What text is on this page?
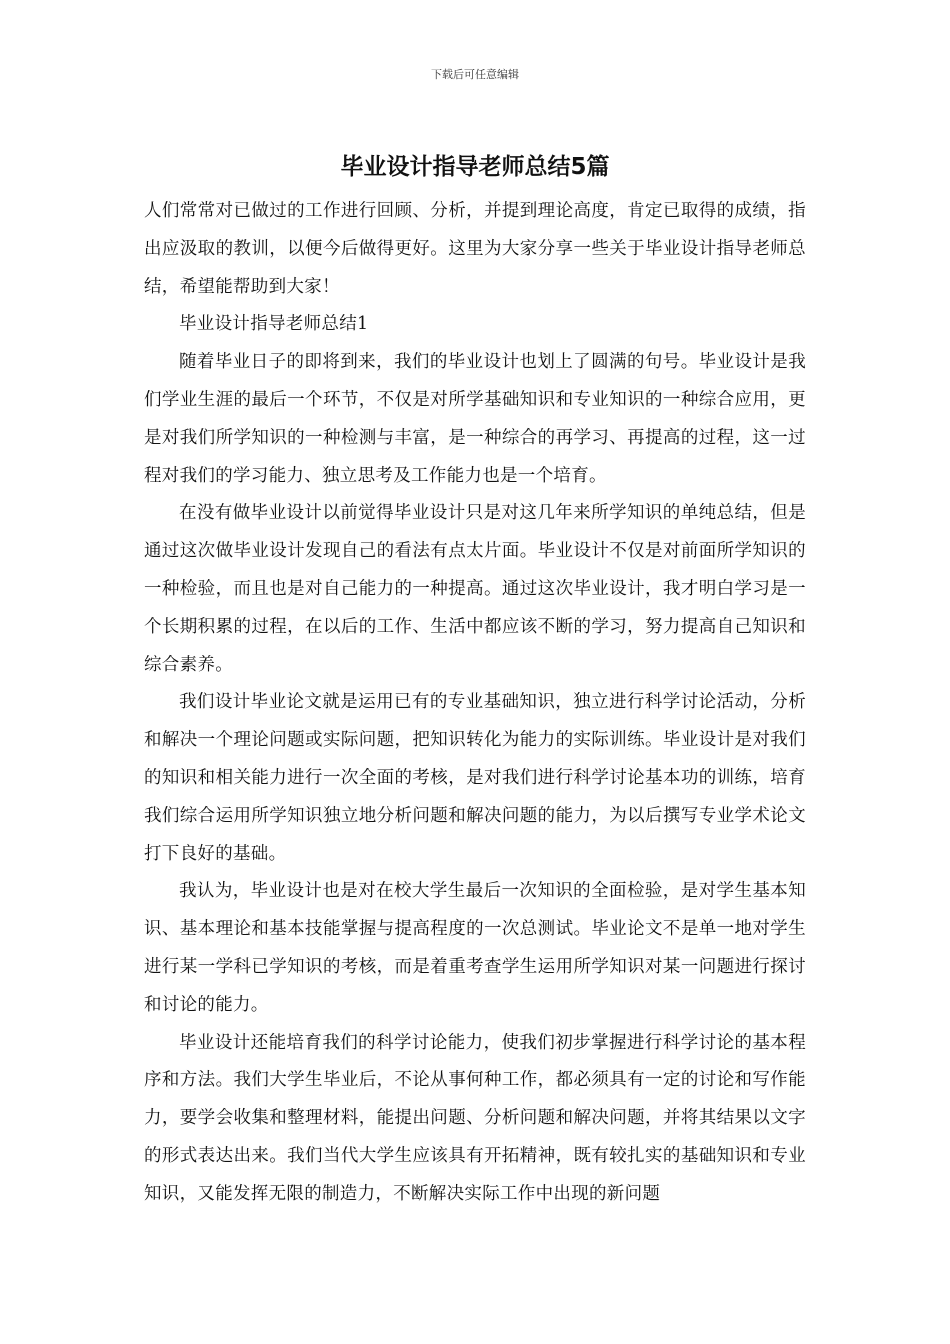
下载后可任意编辑
毕业设计指导老师总结5篇

人们常常对已做过的工作进行回顾、分析，并提到理论高度，肯定已取得的成绩，指出应汲取的教训，以便今后做得更好。这里为大家分享一些关于毕业设计指导老师总结，希望能帮助到大家！

毕业设计指导老师总结1

随着毕业日子的即将到来，我们的毕业设计也划上了圆满的句号。毕业设计是我们学业生涯的最后一个环节，不仅是对所学基础知识和专业知识的一种综合应用，更是对我们所学知识的一种检测与丰富，是一种综合的再学习、再提高的过程，这一过程对我们的学习能力、独立思考及工作能力也是一个培育。

在没有做毕业设计以前觉得毕业设计只是对这几年来所学知识的单纯总结，但是通过这次做毕业设计发现自己的看法有点太片面。毕业设计不仅是对前面所学知识的一种检验，而且也是对自己能力的一种提高。通过这次毕业设计，我才明白学习是一个长期积累的过程，在以后的工作、生活中都应该不断的学习，努力提高自己知识和综合素养。

我们设计毕业论文就是运用已有的专业基础知识，独立进行科学讨论活动，分析和解决一个理论问题或实际问题，把知识转化为能力的实际训练。毕业设计是对我们的知识和相关能力进行一次全面的考核，是对我们进行科学讨论基本功的训练，培育我们综合运用所学知识独立地分析问题和解决问题的能力，为以后撰写专业学术论文打下良好的基础。

我认为，毕业设计也是对在校大学生最后一次知识的全面检验，是对学生基本知识、基本理论和基本技能掌握与提高程度的一次总测试。毕业论文不是单一地对学生进行某一学科已学知识的考核，而是着重考查学生运用所学知识对某一问题进行探讨和讨论的能力。

毕业设计还能培育我们的科学讨论能力，使我们初步掌握进行科学讨论的基本程序和方法。我们大学生毕业后，不论从事何种工作，都必须具有一定的讨论和写作能力，要学会收集和整理材料，能提出问题、分析问题和解决问题，并将其结果以文字的形式表达出来。我们当代大学生应该具有开拓精神，既有较扎实的基础知识和专业知识，又能发挥无限的制造力，不断解决实际工作中出现的新问题
